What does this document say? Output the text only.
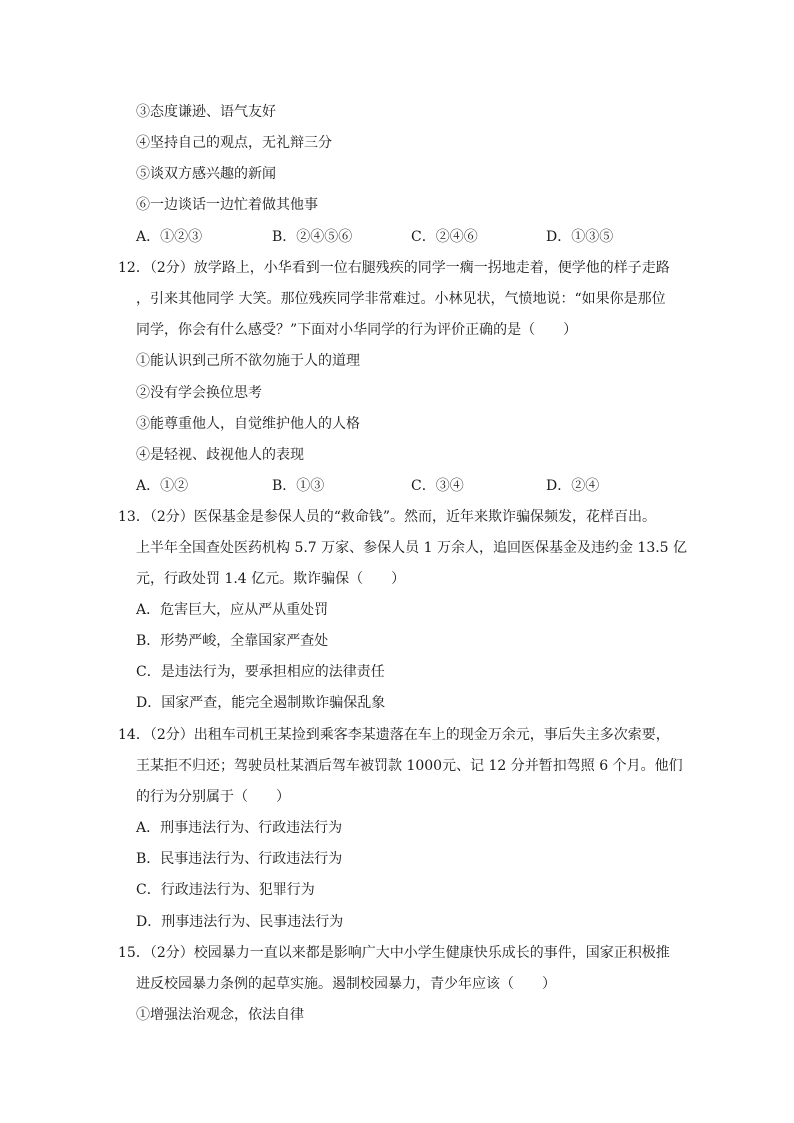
③态度谦逊、语气友好
④坚持自己的观点，无礼辩三分
⑤谈双方感兴趣的新闻
⑥一边谈话一边忙着做其他事
A．①②③	B．②④⑤⑥	C．②④⑥	D．①③⑤
12．（2分）放学路上，小华看到一位右腿残疾的同学一瘸一拐地走着，便学他的样子走路
，引来其他同学 大笑。那位残疾同学非常难过。小林见状，气愤地说：“如果你是那位
同学，你会有什么感受？”下面对小华同学的行为评价正确的是（　　）
①能认识到己所不欲勿施于人的道理
②没有学会换位思考
③能尊重他人，自觉维护他人的人格
④是轻视、歧视他人的表现
A．①②	B．①③	C．③④	D．②④
13．（2分）医保基金是参保人员的“救命钱”。然而，近年来欺诈骗保频发，花样百出。
上半年全国查处医药机构 5.7 万家、参保人员 1 万余人，追回医保基金及违约金 13.5 亿
元，行政处罚 1.4 亿元。欺诈骗保（　　）
A．危害巨大，应从严从重处罚
B．形势严峻，全靠国家严查处
C．是违法行为，要承担相应的法律责任
D．国家严查，能完全遏制欺诈骗保乱象
14．（2分）出租车司机王某捡到乘客李某遗落在车上的现金万余元，事后失主多次索要，
王某拒不归还；驾驶员杜某酒后驾车被罚款 1000元、记 12 分并暂扣驾照 6 个月。他们
的行为分别属于（　　）
A．刑事违法行为、行政违法行为
B．民事违法行为、行政违法行为
C．行政违法行为、犯罪行为
D．刑事违法行为、民事违法行为
15．（2分）校园暴力一直以来都是影响广大中小学生健康快乐成长的事件，国家正积极推
进反校园暴力条例的起草实施。遏制校园暴力，青少年应该（　　）
①增强法治观念，依法自律
